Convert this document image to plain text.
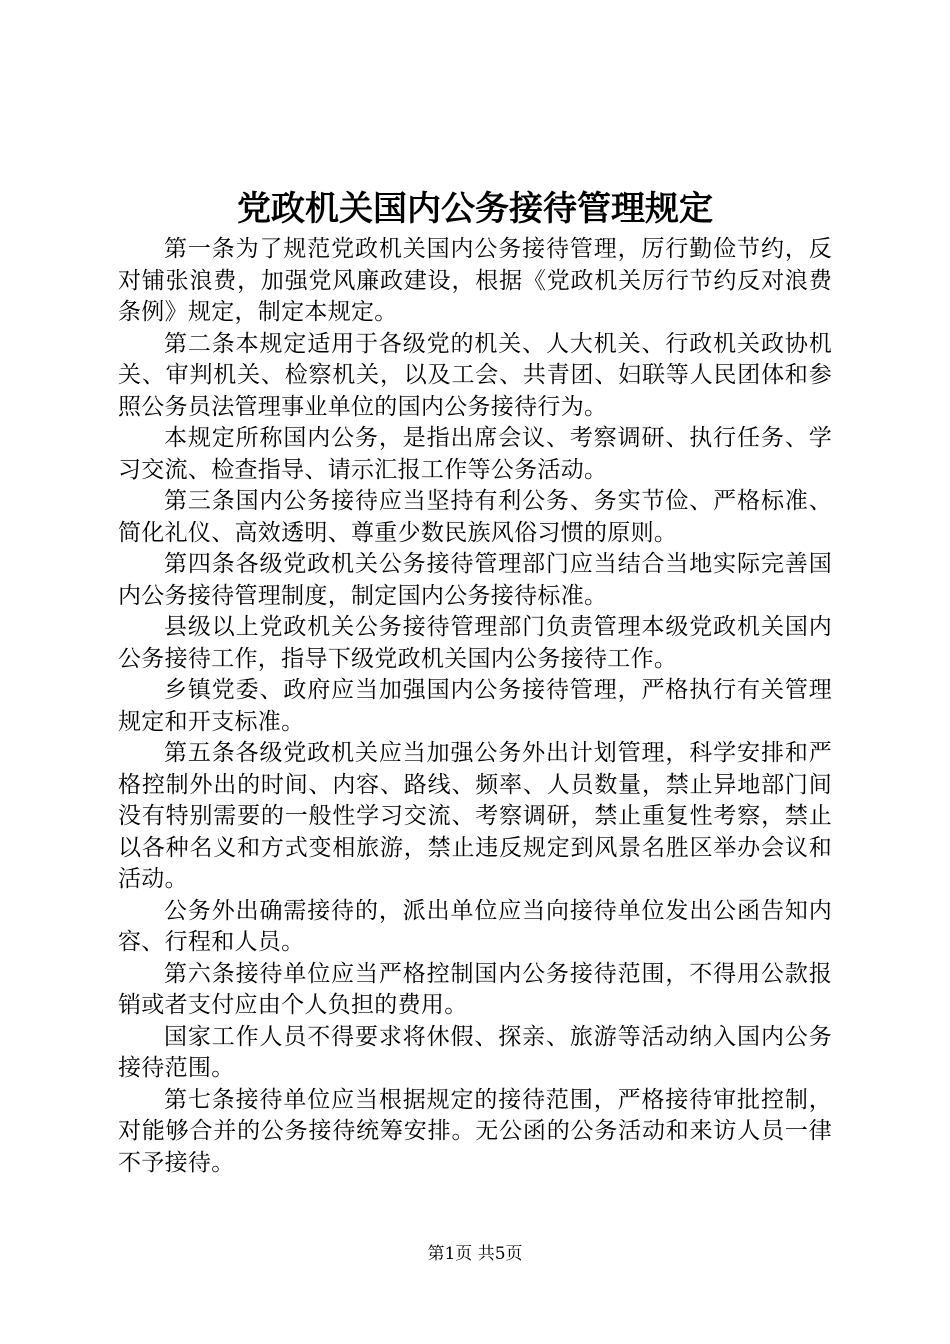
党政机关国内公务接待管理规定

第一条为了规范党政机关国内公务接待管理，厉行勤俭节约，反对铺张浪费，加强党风廉政建设，根据《党政机关厉行节约反对浪费条例》规定，制定本规定。

第二条本规定适用于各级党的机关、人大机关、行政机关政协机关、审判机关、检察机关，以及工会、共青团、妇联等人民团体和参照公务员法管理事业单位的国内公务接待行为。

本规定所称国内公务，是指出席会议、考察调研、执行任务、学习交流、检查指导、请示汇报工作等公务活动。

第三条国内公务接待应当坚持有利公务、务实节俭、严格标准、简化礼仪、高效透明、尊重少数民族风俗习惯的原则。

第四条各级党政机关公务接待管理部门应当结合当地实际完善国内公务接待管理制度，制定国内公务接待标准。

县级以上党政机关公务接待管理部门负责管理本级党政机关国内公务接待工作，指导下级党政机关国内公务接待工作。

乡镇党委、政府应当加强国内公务接待管理，严格执行有关管理规定和开支标准。

第五条各级党政机关应当加强公务外出计划管理，科学安排和严格控制外出的时间、内容、路线、频率、人员数量，禁止异地部门间没有特别需要的一般性学习交流、考察调研，禁止重复性考察，禁止以各种名义和方式变相旅游，禁止违反规定到风景名胜区举办会议和活动。

公务外出确需接待的，派出单位应当向接待单位发出公函告知内容、行程和人员。

第六条接待单位应当严格控制国内公务接待范围，不得用公款报销或者支付应由个人负担的费用。

国家工作人员不得要求将休假、探亲、旅游等活动纳入国内公务接待范围。

第七条接待单位应当根据规定的接待范围，严格接待审批控制，对能够合并的公务接待统筹安排。无公函的公务活动和来访人员一律不予接待。

第1页 共5页
